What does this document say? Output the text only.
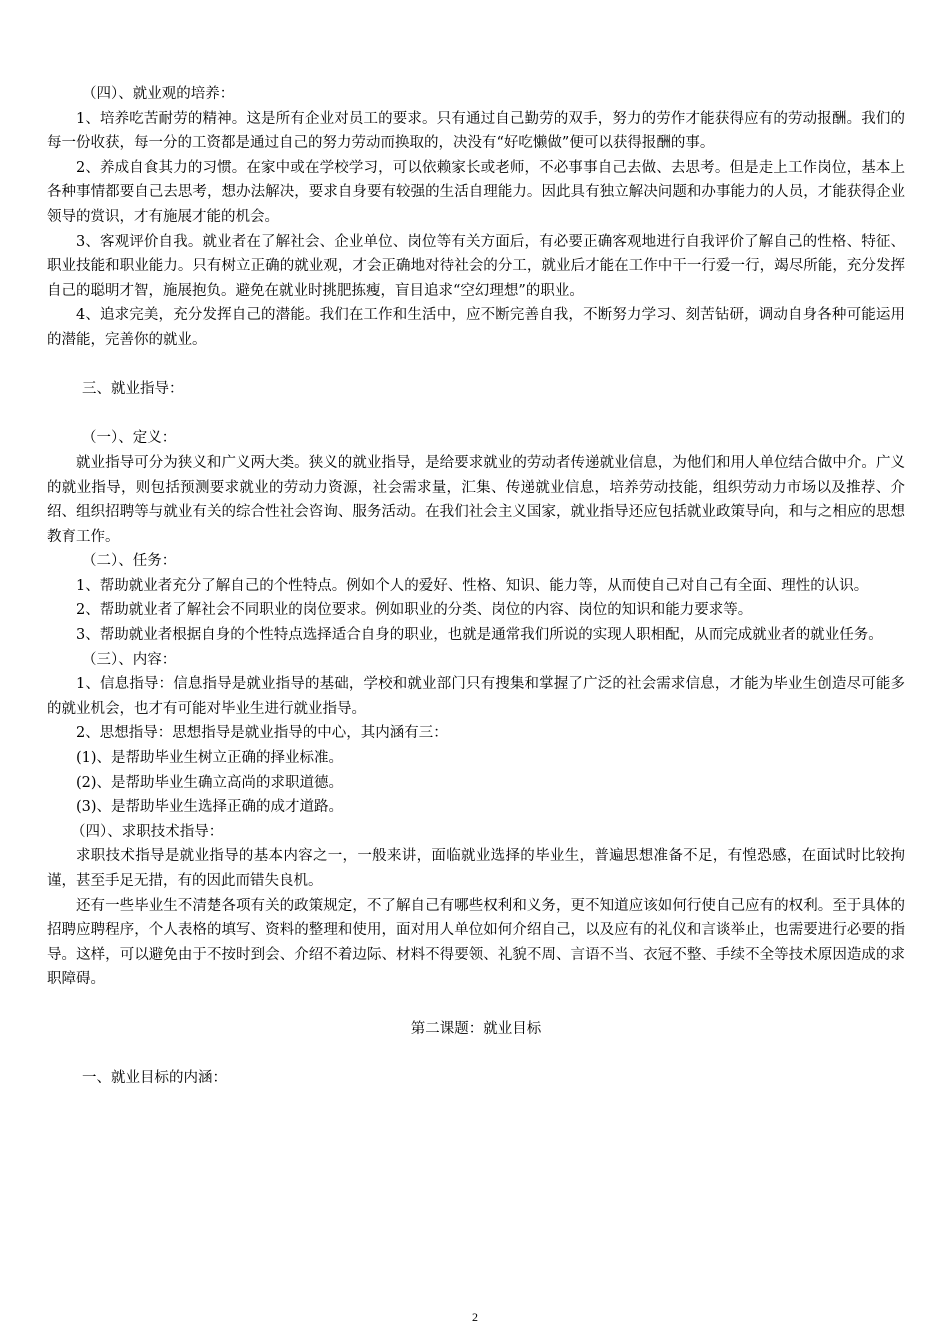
（四）、就业观的培养：

1、培养吃苦耐劳的精神。这是所有企业对员工的要求。只有通过自己勤劳的双手，努力的劳作才能获得应有的劳动报酬。我们的每一份收获，每一分的工资都是通过自己的努力劳动而换取的，决没有“好吃懒做”便可以获得报酬的事。

2、养成自食其力的习惯。在家中或在学校学习，可以依赖家长或老师，不必事事自己去做、去思考。但是走上工作岗位，基本上各种事情都要自己去思考，想办法解决，要求自身要有较强的生活自理能力。因此具有独立解决问题和办事能力的人员，才能获得企业领导的赏识，才有施展才能的机会。

3、客观评价自我。就业者在了解社会、企业单位、岗位等有关方面后，有必要正确客观地进行自我评价了解自己的性格、特征、职业技能和职业能力。只有树立正确的就业观，才会正确地对待社会的分工，就业后才能在工作中干一行爱一行，竭尽所能，充分发挥自己的聪明才智，施展抱负。避免在就业时挑肥拣瘦，盲目追求“空幻理想”的职业。

4、追求完美，充分发挥自己的潜能。我们在工作和生活中，应不断完善自我，不断努力学习、刻苦钻研，调动自身各种可能运用的潜能，完善你的就业。

三、就业指导：

（一）、定义：

就业指导可分为狭义和广义两大类。狭义的就业指导，是给要求就业的劳动者传递就业信息，为他们和用人单位结合做中介。广义的就业指导，则包括预测要求就业的劳动力资源，社会需求量，汇集、传递就业信息，培养劳动技能，组织劳动力市场以及推荐、介绍、组织招聘等与就业有关的综合性社会咨询、服务活动。在我们社会主义国家，就业指导还应包括就业政策导向，和与之相应的思想教育工作。

（二）、任务：

1、帮助就业者充分了解自己的个性特点。例如个人的爱好、性格、知识、能力等，从而使自己对自己有全面、理性的认识。

2、帮助就业者了解社会不同职业的岗位要求。例如职业的分类、岗位的内容、岗位的知识和能力要求等。

3、帮助就业者根据自身的个性特点选择适合自身的职业，也就是通常我们所说的实现人职相配，从而完成就业者的就业任务。

（三）、内容：

1、信息指导：信息指导是就业指导的基础，学校和就业部门只有搜集和掌握了广泛的社会需求信息，才能为毕业生创造尽可能多的就业机会，也才有可能对毕业生进行就业指导。

2、思想指导：思想指导是就业指导的中心，其内涵有三：

(1)、是帮助毕业生树立正确的择业标准。

(2)、是帮助毕业生确立高尚的求职道德。

(3)、是帮助毕业生选择正确的成才道路。

（四）、求职技术指导：

求职技术指导是就业指导的基本内容之一，一般来讲，面临就业选择的毕业生，普遍思想准备不足，有惶恐感，在面试时比较拘谨，甚至手足无措，有的因此而错失良机。

还有一些毕业生不清楚各项有关的政策规定，不了解自己有哪些权利和义务，更不知道应该如何行使自己应有的权利。至于具体的招聘应聘程序，个人表格的填写、资料的整理和使用，面对用人单位如何介绍自己，以及应有的礼仪和言谈举止，也需要进行必要的指导。这样，可以避免由于不按时到会、介绍不着边际、材料不得要领、礼貌不周、言语不当、衣冠不整、手续不全等技术原因造成的求职障碍。

第二课题：就业目标

一、就业目标的内涵：

2
